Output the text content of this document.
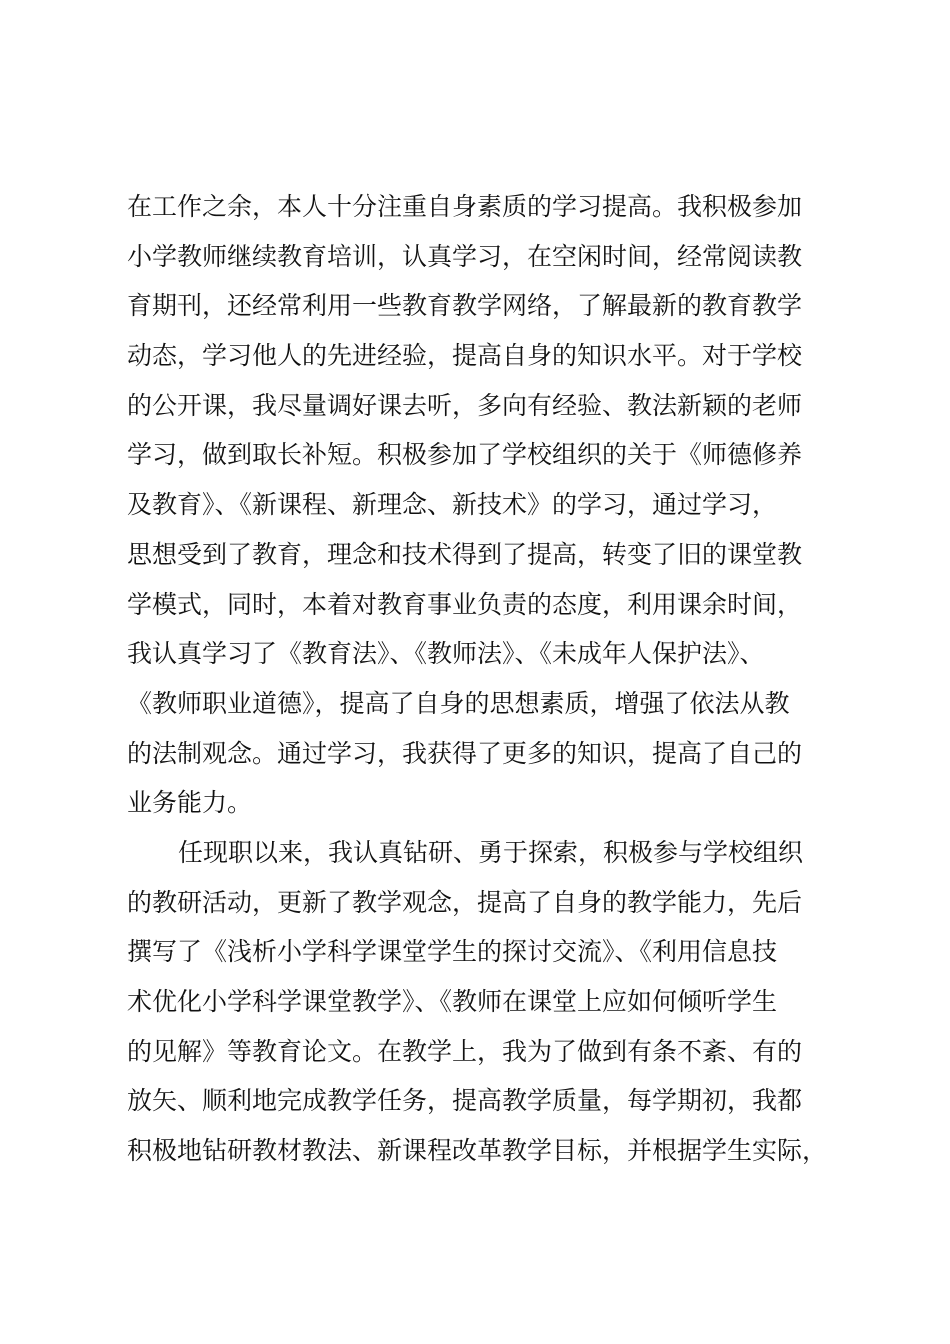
在工作之余，本人十分注重自身素质的学习提高。我积极参加
小学教师继续教育培训，认真学习，在空闲时间，经常阅读教
育期刊，还经常利用一些教育教学网络，了解最新的教育教学
动态，学习他人的先进经验，提高自身的知识水平。对于学校
的公开课，我尽量调好课去听，多向有经验、教法新颖的老师
学习，做到取长补短。积极参加了学校组织的关于《师德修养
及教育》、《新课程、新理念、新技术》的学习，通过学习，
思想受到了教育，理念和技术得到了提高，转变了旧的课堂教
学模式，同时，本着对教育事业负责的态度，利用课余时间，
我认真学习了《教育法》、《教师法》、《未成年人保护法》、
《教师职业道德》，提高了自身的思想素质，增强了依法从教
的法制观念。通过学习，我获得了更多的知识，提高了自己的
业务能力。
任现职以来，我认真钻研、勇于探索，积极参与学校组织
的教研活动，更新了教学观念，提高了自身的教学能力，先后
撰写了《浅析小学科学课堂学生的探讨交流》、《利用信息技
术优化小学科学课堂教学》、《教师在课堂上应如何倾听学生
的见解》等教育论文。在教学上，我为了做到有条不紊、有的
放矢、顺利地完成教学任务，提高教学质量，每学期初，我都
积极地钻研教材教法、新课程改革教学目标，并根据学生实际，
